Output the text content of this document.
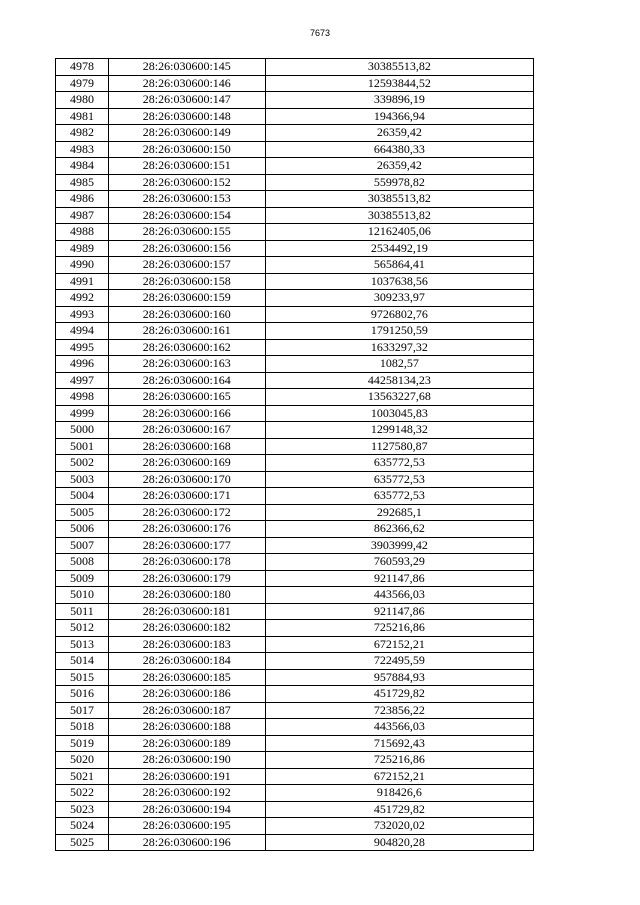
7673
4978	28:26:030600:145	30385513,82
4979	28:26:030600:146	12593844,52
4980	28:26:030600:147	339896,19
4981	28:26:030600:148	194366,94
4982	28:26:030600:149	26359,42
4983	28:26:030600:150	664380,33
4984	28:26:030600:151	26359,42
4985	28:26:030600:152	559978,82
4986	28:26:030600:153	30385513,82
4987	28:26:030600:154	30385513,82
4988	28:26:030600:155	12162405,06
4989	28:26:030600:156	2534492,19
4990	28:26:030600:157	565864,41
4991	28:26:030600:158	1037638,56
4992	28:26:030600:159	309233,97
4993	28:26:030600:160	9726802,76
4994	28:26:030600:161	1791250,59
4995	28:26:030600:162	1633297,32
4996	28:26:030600:163	1082,57
4997	28:26:030600:164	44258134,23
4998	28:26:030600:165	13563227,68
4999	28:26:030600:166	1003045,83
5000	28:26:030600:167	1299148,32
5001	28:26:030600:168	1127580,87
5002	28:26:030600:169	635772,53
5003	28:26:030600:170	635772,53
5004	28:26:030600:171	635772,53
5005	28:26:030600:172	292685,1
5006	28:26:030600:176	862366,62
5007	28:26:030600:177	3903999,42
5008	28:26:030600:178	760593,29
5009	28:26:030600:179	921147,86
5010	28:26:030600:180	443566,03
5011	28:26:030600:181	921147,86
5012	28:26:030600:182	725216,86
5013	28:26:030600:183	672152,21
5014	28:26:030600:184	722495,59
5015	28:26:030600:185	957884,93
5016	28:26:030600:186	451729,82
5017	28:26:030600:187	723856,22
5018	28:26:030600:188	443566,03
5019	28:26:030600:189	715692,43
5020	28:26:030600:190	725216,86
5021	28:26:030600:191	672152,21
5022	28:26:030600:192	918426,6
5023	28:26:030600:194	451729,82
5024	28:26:030600:195	732020,02
5025	28:26:030600:196	904820,28
